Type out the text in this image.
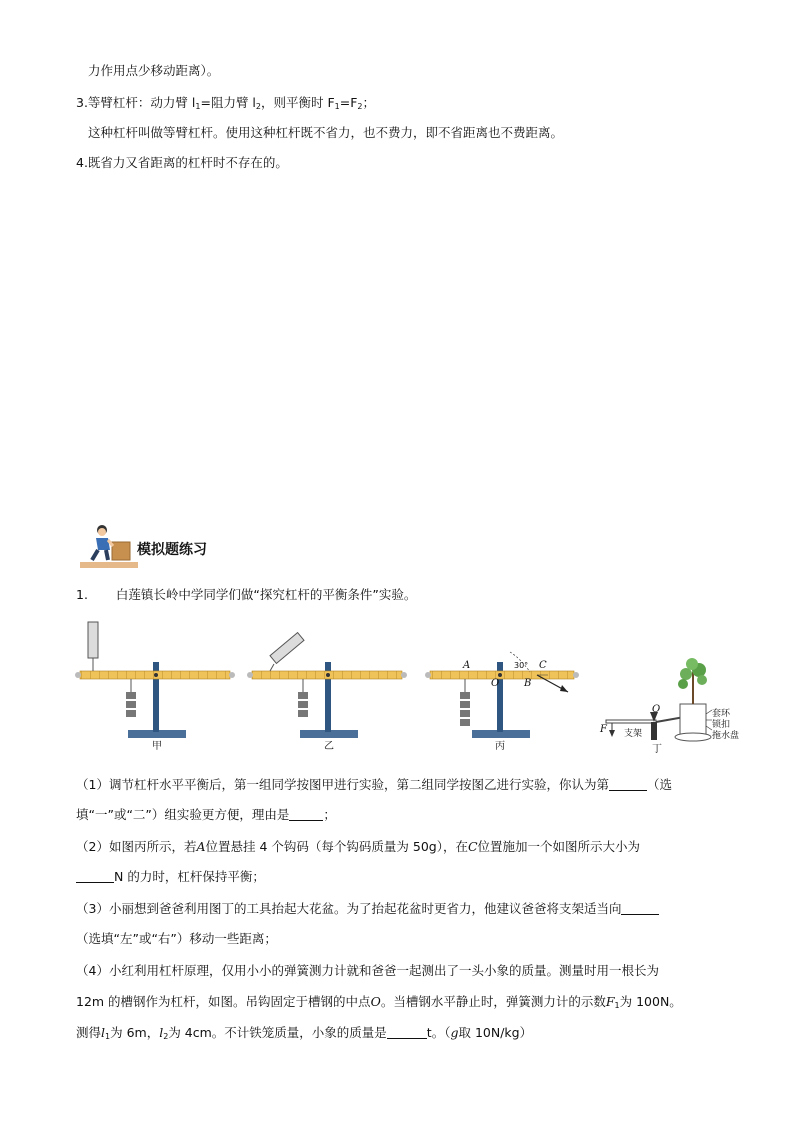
力作用点少移动距离）。
3.等臂杠杆：动力臂 $l_1=$阻力臂 $l_2$，则平衡时 $F_1=F_2$；
这种杠杆叫做等臂杠杆。使用这种杠杆既不省力，也不费力，即不省距离也不费距离。
4.既省力又省距离的杠杆时不存在的。
模拟题练习
1. 白莲镇长岭中学同学们做“探究杠杆的平衡条件”实验。
甲	乙	丙	丁
A
O B
C
30°
F
O
支架
套环
锁扣
拖水盘
（1）调节杠杆水平平衡后，第一组同学按图甲进行实验，第二组同学按图乙进行实验，你认为第	（选
填“一”或“二”）组实验更方便，理由是	；
（2）如图丙所示，若A位置悬挂 4 个钩码（每个钩码质量为 50g），在C位置施加一个如图所示大小为
N 的力时，杠杆保持平衡；
（3）小丽想到爸爸利用图丁的工具抬起大花盆。为了抬起花盆时更省力，他建议爸爸将支架适当向
（选填“左”或“右”）移动一些距离；
（4）小红利用杠杆原理，仅用小小的弹簧测力计就和爸爸一起测出了一头小象的质量。测量时用一根长为
12m 的槽钢作为杠杆，如图。吊钩固定于槽钢的中点O。当槽钢水平静止时，弹簧测力计的示数$F_1$为 100N。
测得$l_1$为 6m，$l_2$为 4cm。不计铁笼质量，小象的质量是	t。（g取 10N/kg）
